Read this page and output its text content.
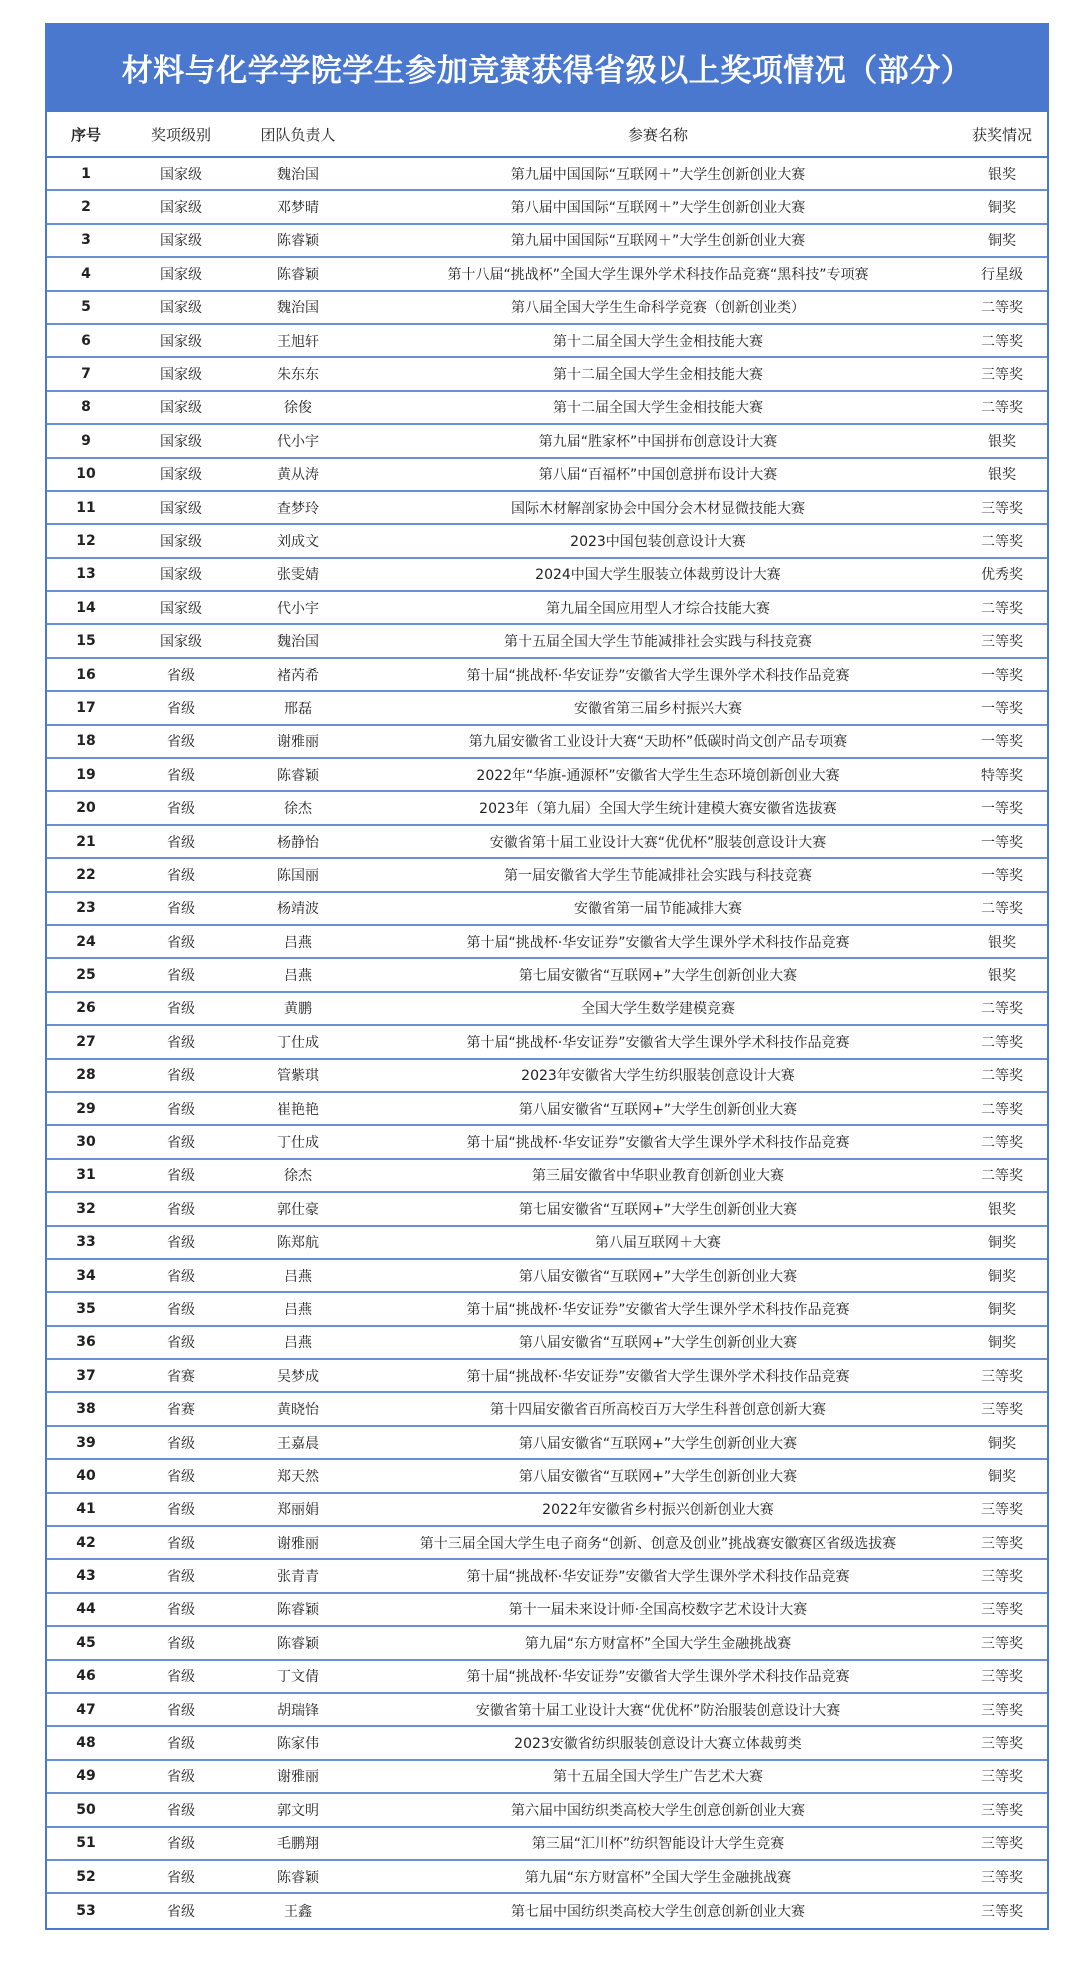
材料与化学学院学生参加竞赛获得省级以上奖项情况（部分）
序号	奖项级别	团队负责人	参赛名称	获奖情况
1	国家级	魏治国	第九届中国国际“互联网＋”大学生创新创业大赛	银奖
2	国家级	邓梦晴	第八届中国国际“互联网＋”大学生创新创业大赛	铜奖
3	国家级	陈睿颖	第九届中国国际“互联网＋”大学生创新创业大赛	铜奖
4	国家级	陈睿颖	第十八届“挑战杯”全国大学生课外学术科技作品竞赛“黑科技”专项赛	行星级
5	国家级	魏治国	第八届全国大学生生命科学竞赛（创新创业类）	二等奖
6	国家级	王旭轩	第十二届全国大学生金相技能大赛	二等奖
7	国家级	朱东东	第十二届全国大学生金相技能大赛	三等奖
8	国家级	徐俊	第十二届全国大学生金相技能大赛	二等奖
9	国家级	代小宇	第九届“胜家杯”中国拼布创意设计大赛	银奖
10	国家级	黄从涛	第八届“百福杯”中国创意拼布设计大赛	银奖
11	国家级	查梦玲	国际木材解剖家协会中国分会木材显微技能大赛	三等奖
12	国家级	刘成文	2023中国包装创意设计大赛	二等奖
13	国家级	张雯婧	2024中国大学生服装立体裁剪设计大赛	优秀奖
14	国家级	代小宇	第九届全国应用型人才综合技能大赛	二等奖
15	国家级	魏治国	第十五届全国大学生节能减排社会实践与科技竞赛	三等奖
16	省级	褚芮希	第十届“挑战杯·华安证券”安徽省大学生课外学术科技作品竞赛	一等奖
17	省级	邢磊	安徽省第三届乡村振兴大赛	一等奖
18	省级	谢雅丽	第九届安徽省工业设计大赛“天助杯”低碳时尚文创产品专项赛	一等奖
19	省级	陈睿颖	2022年“华旗-通源杯”安徽省大学生生态环境创新创业大赛	特等奖
20	省级	徐杰	2023年（第九届）全国大学生统计建模大赛安徽省选拔赛	一等奖
21	省级	杨静怡	安徽省第十届工业设计大赛“优优杯”服装创意设计大赛	一等奖
22	省级	陈国丽	第一届安徽省大学生节能减排社会实践与科技竞赛	一等奖
23	省级	杨靖波	安徽省第一届节能减排大赛	二等奖
24	省级	吕燕	第十届“挑战杯·华安证券”安徽省大学生课外学术科技作品竞赛	银奖
25	省级	吕燕	第七届安徽省“互联网+”大学生创新创业大赛	银奖
26	省级	黄鹏	全国大学生数学建模竞赛	二等奖
27	省级	丁仕成	第十届“挑战杯·华安证券”安徽省大学生课外学术科技作品竞赛	二等奖
28	省级	管紫琪	2023年安徽省大学生纺织服装创意设计大赛	二等奖
29	省级	崔艳艳	第八届安徽省“互联网+”大学生创新创业大赛	二等奖
30	省级	丁仕成	第十届“挑战杯·华安证券”安徽省大学生课外学术科技作品竞赛	二等奖
31	省级	徐杰	第三届安徽省中华职业教育创新创业大赛	二等奖
32	省级	郭仕豪	第七届安徽省“互联网+”大学生创新创业大赛	银奖
33	省级	陈郑航	第八届互联网＋大赛	铜奖
34	省级	吕燕	第八届安徽省“互联网+”大学生创新创业大赛	铜奖
35	省级	吕燕	第十届“挑战杯·华安证券”安徽省大学生课外学术科技作品竞赛	铜奖
36	省级	吕燕	第八届安徽省“互联网+”大学生创新创业大赛	铜奖
37	省赛	吴梦成	第十届“挑战杯·华安证券”安徽省大学生课外学术科技作品竞赛	三等奖
38	省赛	黄晓怡	第十四届安徽省百所高校百万大学生科普创意创新大赛	三等奖
39	省级	王嘉晨	第八届安徽省“互联网+”大学生创新创业大赛	铜奖
40	省级	郑天然	第八届安徽省“互联网+”大学生创新创业大赛	铜奖
41	省级	郑丽娟	2022年安徽省乡村振兴创新创业大赛	三等奖
42	省级	谢雅丽	第十三届全国大学生电子商务“创新、创意及创业”挑战赛安徽赛区省级选拔赛	三等奖
43	省级	张青青	第十届“挑战杯·华安证券”安徽省大学生课外学术科技作品竞赛	三等奖
44	省级	陈睿颖	第十一届未来设计师·全国高校数字艺术设计大赛	三等奖
45	省级	陈睿颖	第九届“东方财富杯”全国大学生金融挑战赛	三等奖
46	省级	丁文倩	第十届“挑战杯·华安证券”安徽省大学生课外学术科技作品竞赛	三等奖
47	省级	胡瑞锋	安徽省第十届工业设计大赛“优优杯”防治服装创意设计大赛	三等奖
48	省级	陈家伟	2023安徽省纺织服装创意设计大赛立体裁剪类	三等奖
49	省级	谢雅丽	第十五届全国大学生广告艺术大赛	三等奖
50	省级	郭文明	第六届中国纺织类高校大学生创意创新创业大赛	三等奖
51	省级	毛鹏翔	第三届“汇川杯”纺织智能设计大学生竞赛	三等奖
52	省级	陈睿颖	第九届“东方财富杯”全国大学生金融挑战赛	三等奖
53	省级	王鑫	第七届中国纺织类高校大学生创意创新创业大赛	三等奖
